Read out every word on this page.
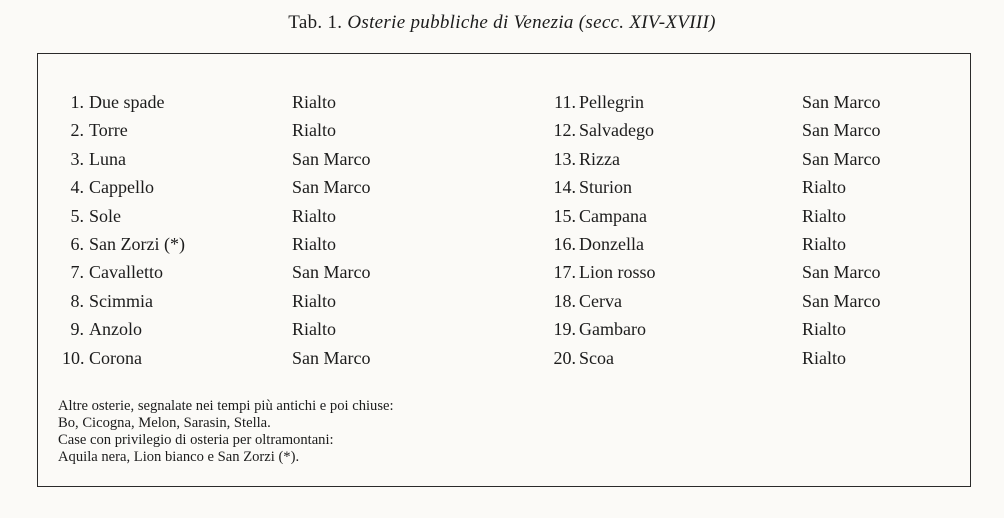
Tab. 1. Osterie pubbliche di Venezia (secc. XIV-XVIII)
1. Due spade	Rialto
2. Torre	Rialto
3. Luna	San Marco
4. Cappello	San Marco
5. Sole	Rialto
6. San Zorzi (*)	Rialto
7. Cavalletto	San Marco
8. Scimmia	Rialto
9. Anzolo	Rialto
10. Corona	San Marco
11. Pellegrin	San Marco
12. Salvadego	San Marco
13. Rizza	San Marco
14. Sturion	Rialto
15. Campana	Rialto
16. Donzella	Rialto
17. Lion rosso	San Marco
18. Cerva	San Marco
19. Gambaro	Rialto
20. Scoa	Rialto
Altre osterie, segnalate nei tempi più antichi e poi chiuse:
Bo, Cicogna, Melon, Sarasin, Stella.
Case con privilegio di osteria per oltramontani:
Aquila nera, Lion bianco e San Zorzi (*).
